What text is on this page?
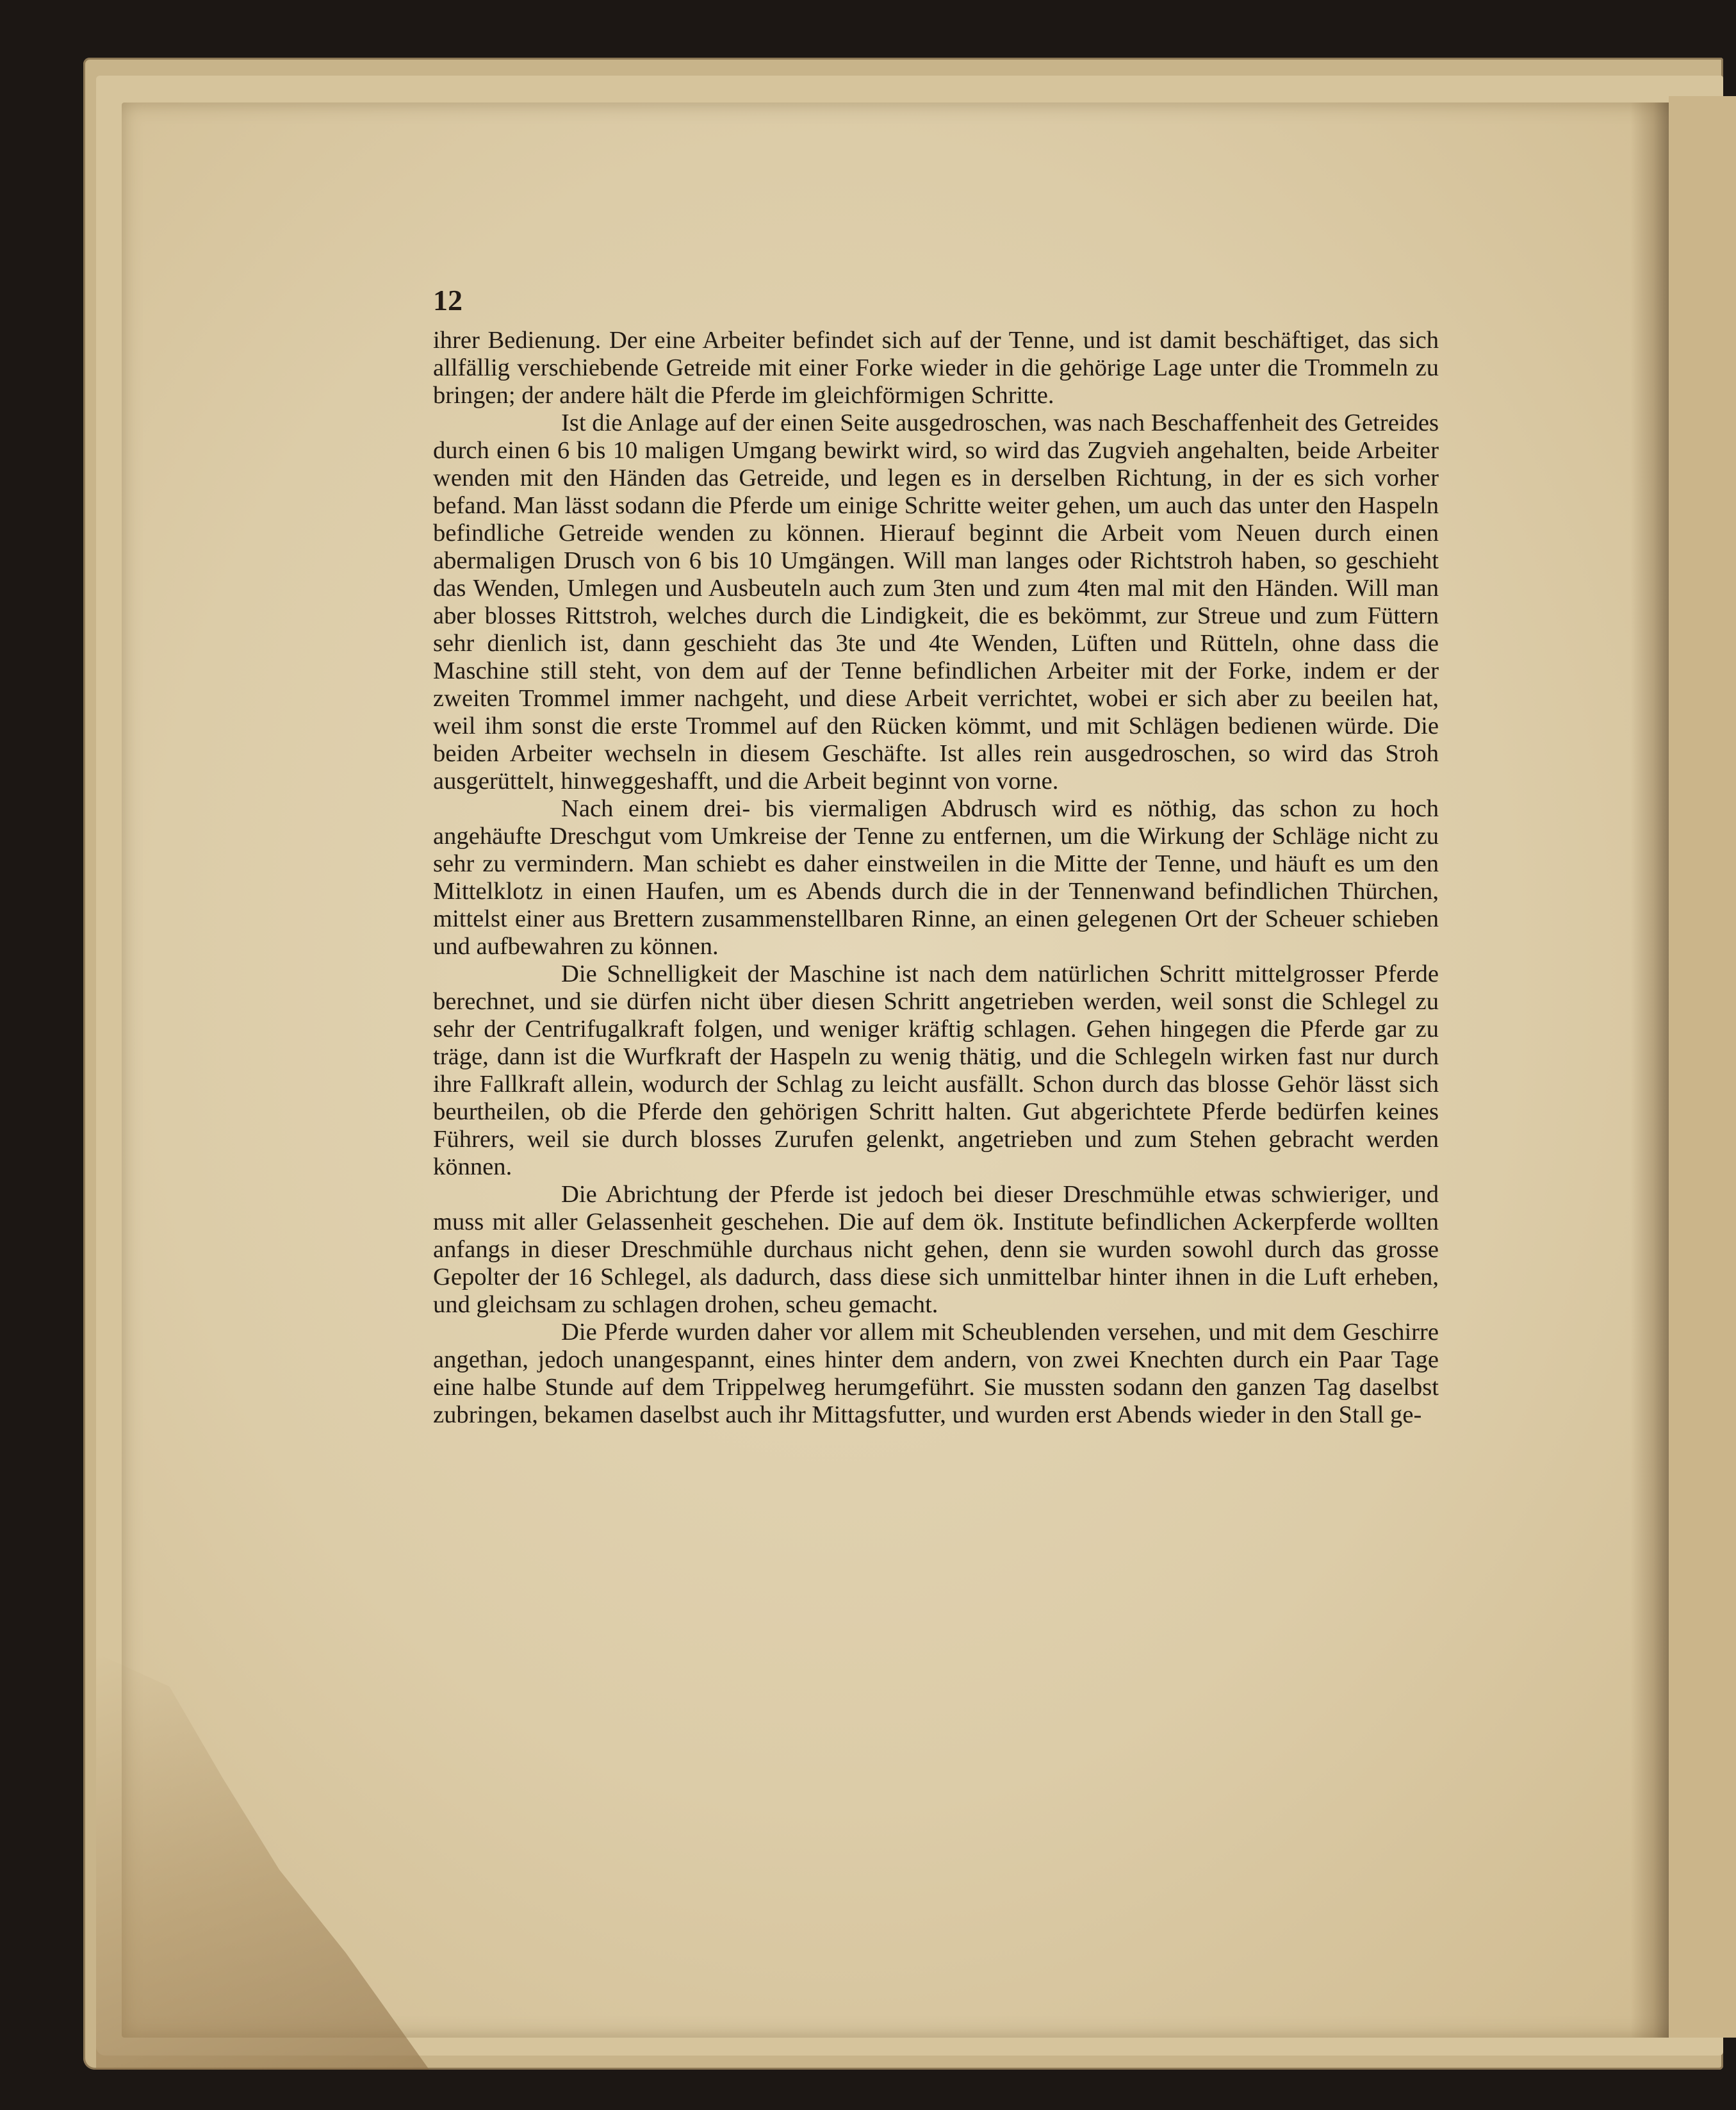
12

ihrer Bedienung. Der eine Arbeiter befindet sich auf der Tenne, und ist damit beschäftiget, das sich allfällig verschiebende Getreide mit einer Forke wieder in die gehörige Lage unter die Trommeln zu bringen; der andere hält die Pferde im gleichförmigen Schritte.

Ist die Anlage auf der einen Seite ausgedroschen, was nach Beschaffenheit des Getreides durch einen 6 bis 10 maligen Umgang bewirkt wird, so wird das Zugvieh angehalten, beide Arbeiter wenden mit den Händen das Getreide, und legen es in derselben Richtung, in der es sich vorher befand. Man lässt sodann die Pferde um einige Schritte weiter gehen, um auch das unter den Haspeln befindliche Getreide wenden zu können. Hierauf beginnt die Arbeit vom Neuen durch einen abermaligen Drusch von 6 bis 10 Umgängen. Will man langes oder Richtstroh haben, so geschieht das Wenden, Umlegen und Ausbeuteln auch zum 3ten und zum 4ten mal mit den Händen. Will man aber blosses Rittstroh, welches durch die Lindigkeit, die es bekömmt, zur Streue und zum Füttern sehr dienlich ist, dann geschieht das 3te und 4te Wenden, Lüften und Rütteln, ohne dass die Maschine still steht, von dem auf der Tenne befindlichen Arbeiter mit der Forke, indem er der zweiten Trommel immer nachgeht, und diese Arbeit verrichtet, wobei er sich aber zu beeilen hat, weil ihm sonst die erste Trommel auf den Rücken kömmt, und mit Schlägen bedienen würde. Die beiden Arbeiter wechseln in diesem Geschäfte. Ist alles rein ausgedroschen, so wird das Stroh ausgerüttelt, hinweggeshafft, und die Arbeit beginnt von vorne.

Nach einem drei- bis viermaligen Abdrusch wird es nöthig, das schon zu hoch angehäufte Dreschgut vom Umkreise der Tenne zu entfernen, um die Wirkung der Schläge nicht zu sehr zu vermindern. Man schiebt es daher einstweilen in die Mitte der Tenne, und häuft es um den Mittelklotz in einen Haufen, um es Abends durch die in der Tennenwand befindlichen Thürchen, mittelst einer aus Brettern zusammenstellbaren Rinne, an einen gelegenen Ort der Scheuer schieben und aufbewahren zu können.

Die Schnelligkeit der Maschine ist nach dem natürlichen Schritt mittelgrosser Pferde berechnet, und sie dürfen nicht über diesen Schritt angetrieben werden, weil sonst die Schlegel zu sehr der Centrifugalkraft folgen, und weniger kräftig schlagen. Gehen hingegen die Pferde gar zu träge, dann ist die Wurfkraft der Haspeln zu wenig thätig, und die Schlegeln wirken fast nur durch ihre Fallkraft allein, wodurch der Schlag zu leicht ausfällt. Schon durch das blosse Gehör lässt sich beurtheilen, ob die Pferde den gehörigen Schritt halten. Gut abgerichtete Pferde bedürfen keines Führers, weil sie durch blosses Zurufen gelenkt, angetrieben und zum Stehen gebracht werden können.

Die Abrichtung der Pferde ist jedoch bei dieser Dreschmühle etwas schwieriger, und muss mit aller Gelassenheit geschehen. Die auf dem ök. Institute befindlichen Ackerpferde wollten anfangs in dieser Dreschmühle durchaus nicht gehen, denn sie wurden sowohl durch das grosse Gepolter der 16 Schlegel, als dadurch, dass diese sich unmittelbar hinter ihnen in die Luft erheben, und gleichsam zu schlagen drohen, scheu gemacht.

Die Pferde wurden daher vor allem mit Scheublenden versehen, und mit dem Geschirre angethan, jedoch unangespannt, eines hinter dem andern, von zwei Knechten durch ein Paar Tage eine halbe Stunde auf dem Trippelweg herumgeführt. Sie mussten sodann den ganzen Tag daselbst zubringen, bekamen daselbst auch ihr Mittagsfutter, und wurden erst Abends wieder in den Stall ge-
